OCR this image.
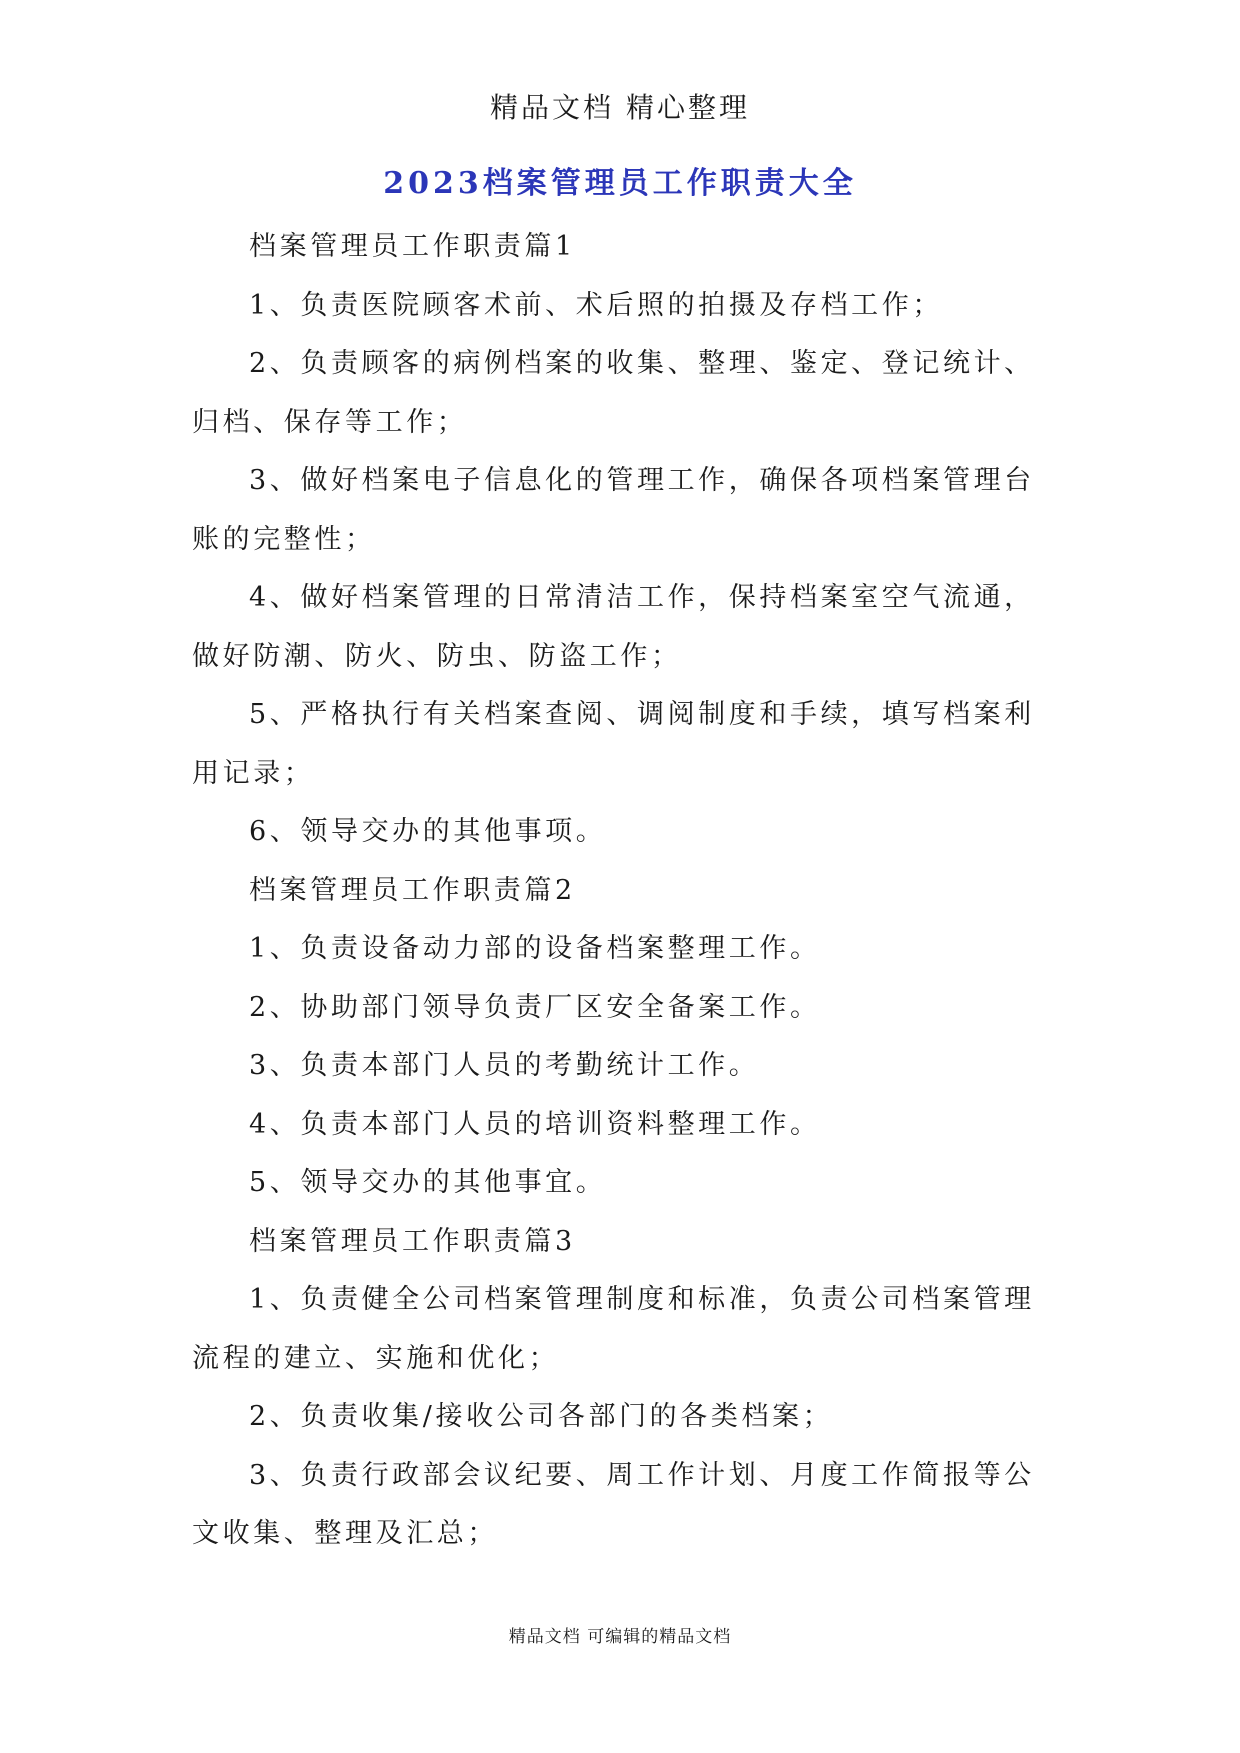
精品文档 精心整理
2023档案管理员工作职责大全

档案管理员工作职责篇1

1、负责医院顾客术前、术后照的拍摄及存档工作；

2、负责顾客的病例档案的收集、整理、鉴定、登记统计、归档、保存等工作；

3、做好档案电子信息化的管理工作，确保各项档案管理台账的完整性；

4、做好档案管理的日常清洁工作，保持档案室空气流通，做好防潮、防火、防虫、防盗工作；

5、严格执行有关档案查阅、调阅制度和手续，填写档案利用记录；

6、领导交办的其他事项。

档案管理员工作职责篇2

1、负责设备动力部的设备档案整理工作。

2、协助部门领导负责厂区安全备案工作。

3、负责本部门人员的考勤统计工作。

4、负责本部门人员的培训资料整理工作。

5、领导交办的其他事宜。

档案管理员工作职责篇3

1、负责健全公司档案管理制度和标准，负责公司档案管理流程的建立、实施和优化；

2、负责收集/接收公司各部门的各类档案；

3、负责行政部会议纪要、周工作计划、月度工作简报等公文收集、整理及汇总；

精品文档 可编辑的精品文档
